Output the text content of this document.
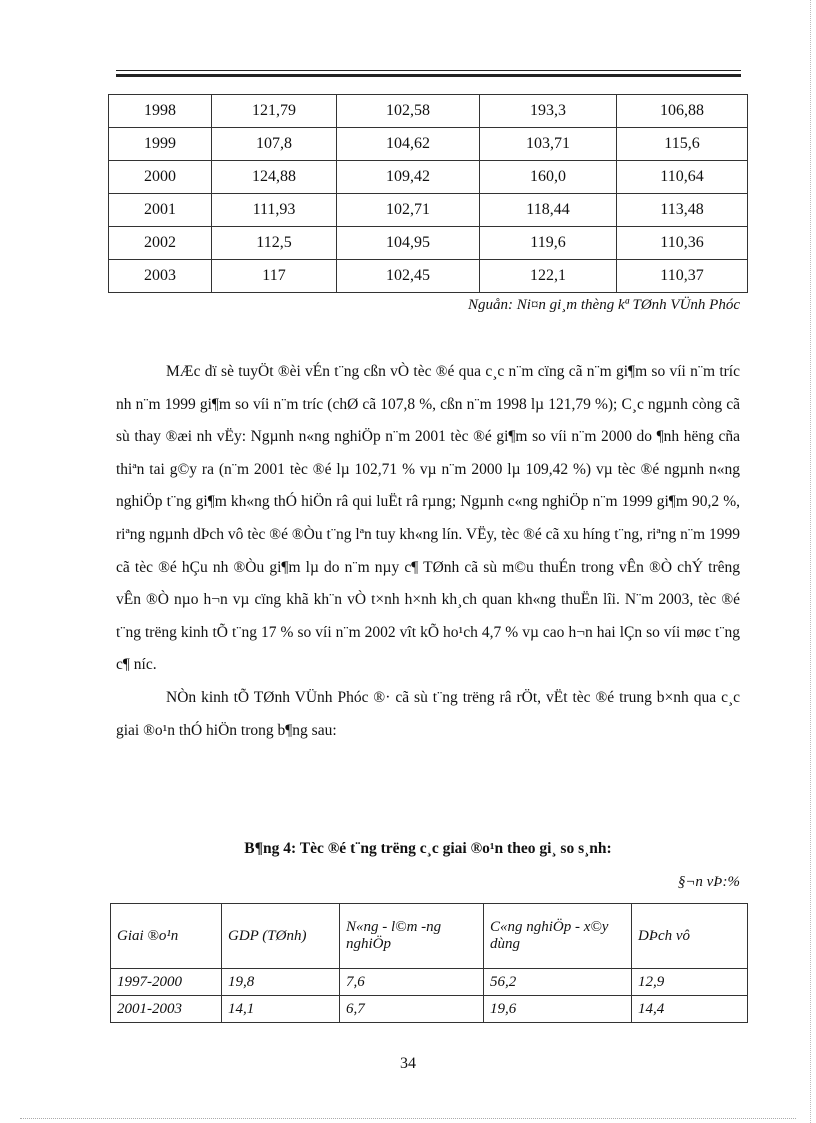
1998	121,79	102,58	193,3	106,88
1999	107,8	104,62	103,71	115,6
2000	124,88	109,42	160,0	110,64
2001	111,93	102,71	118,44	113,48
2002	112,5	104,95	119,6	110,36
2003	117	102,45	122,1	110,37
Nguån: Ni¤n gi¸m thèng kª TØnh VÜnh Phóc

MÆc dï sè tuyÖt ®èi vÉn t¨ng cßn vÒ tèc ®é qua c¸c n¨m cïng cã n¨m gi¶m so víi n¨m tríc nh n¨m 1999 gi¶m so víi n¨m tríc (chØ cã 107,8 %, cßn n¨m 1998 lµ 121,79 %); C¸c ngµnh còng cã sù thay ®æi nh vËy: Ngµnh n«ng nghiÖp n¨m 2001 tèc ®é gi¶m so víi n¨m 2000 do ¶nh hëng cña thiªn tai g©y ra (n¨m 2001 tèc ®é lµ 102,71 % vµ n¨m 2000 lµ 109,42 %) vµ tèc ®é ngµnh n«ng nghiÖp t¨ng gi¶m kh«ng thÓ hiÖn râ qui luËt râ rµng; Ngµnh c«ng nghiÖp n¨m 1999 gi¶m 90,2 %, riªng ngµnh dÞch vô tèc ®é ®Òu t¨ng lªn tuy kh«ng lín. VËy, tèc ®é cã xu híng t¨ng, riªng n¨m 1999 cã tèc ®é hÇu nh ®Òu gi¶m lµ do n¨m nµy c¶ TØnh cã sù m©u thuÉn trong vÊn ®Ò chÝ trêng vÊn ®Ò nµo h¬n vµ cïng khã kh¨n vÒ t×nh h×nh kh¸ch quan kh«ng thuËn lîi. N¨m 2003, tèc ®é t¨ng trëng kinh tÕ t¨ng 17 % so víi n¨m 2002 vît kÕ ho¹ch 4,7 % vµ cao h¬n hai lÇn so víi møc t¨ng c¶ níc.

NÒn kinh tÕ TØnh VÜnh Phóc ®· cã sù t¨ng trëng râ rÖt, vËt tèc ®é trung b×nh qua c¸c giai ®o¹n thÓ hiÖn trong b¶ng sau:

B¶ng 4: Tèc ®é t¨ng trëng c¸c giai ®o¹n theo gi¸ so s¸nh:
§¬n vÞ:%
Giai ®o¹n	GDP (TØnh)	N«ng - l©m -ng nghiÖp	C«ng nghiÖp - x©y dùng	DÞch vô
1997-2000	19,8	7,6	56,2	12,9
2001-2003	14,1	6,7	19,6	14,4
34
